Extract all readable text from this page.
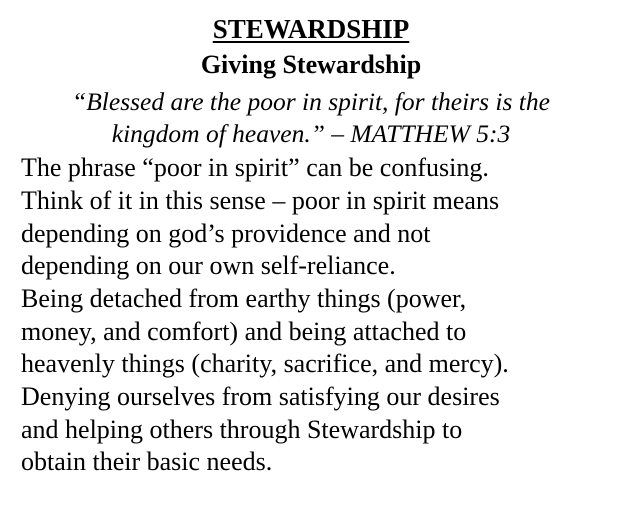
STEWARDSHIP
Giving Stewardship
“Blessed are the poor in spirit, for theirs is the
kingdom of heaven.” – MATTHEW 5:3
The phrase “poor in spirit” can be confusing.
Think of it in this sense – poor in spirit means
depending on god’s providence and not
depending on our own self-reliance.
Being detached from earthy things (power,
money, and comfort) and being attached to
heavenly things (charity, sacrifice, and mercy).
Denying ourselves from satisfying our desires
and helping others through Stewardship to
obtain their basic needs.
